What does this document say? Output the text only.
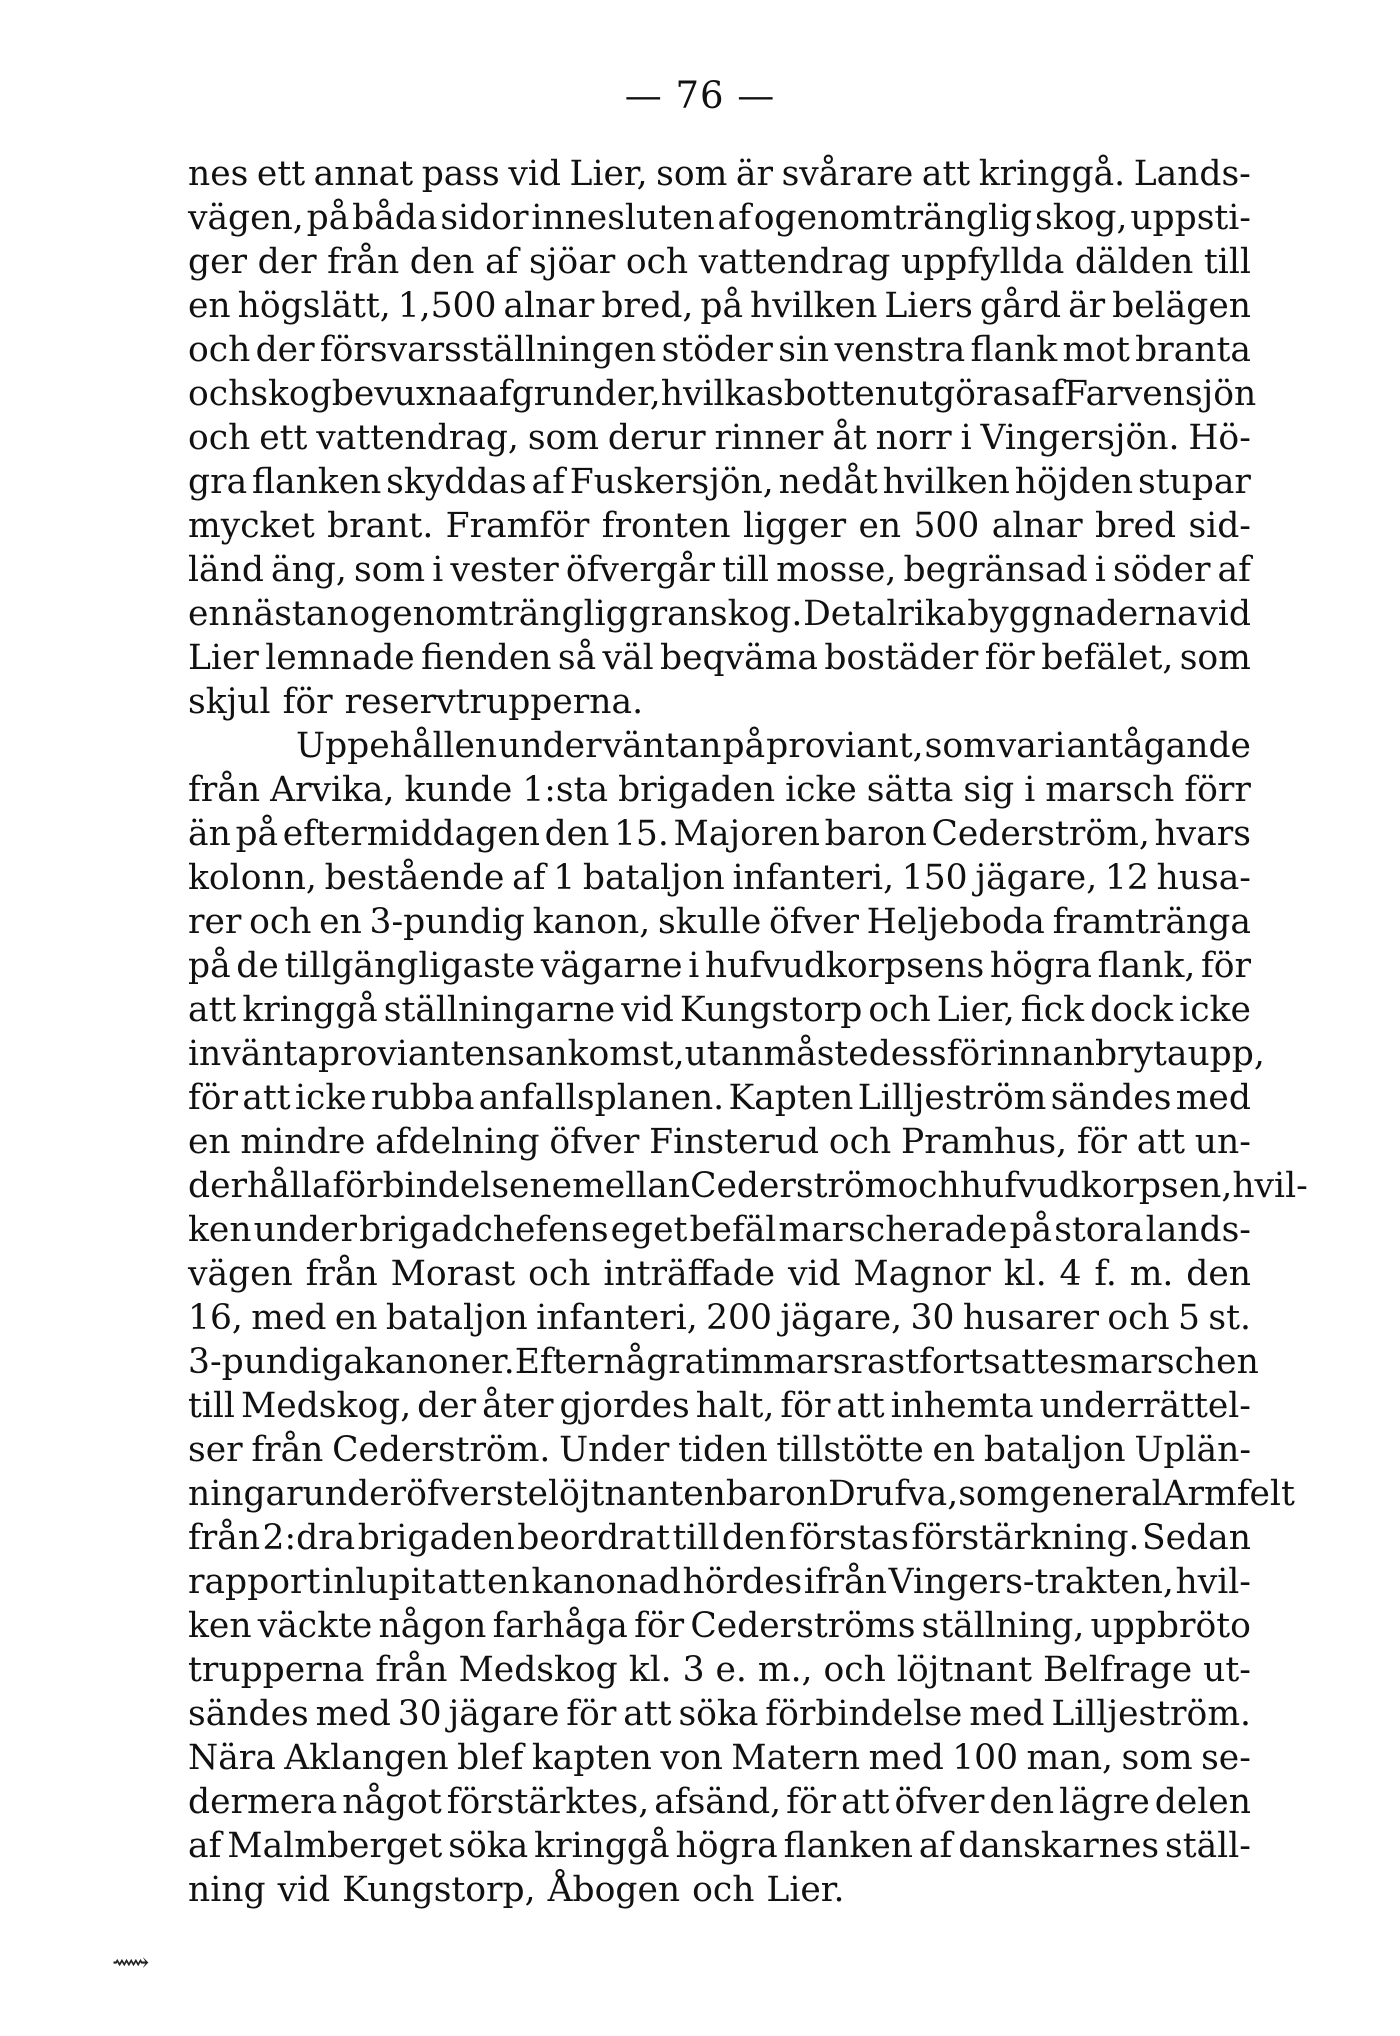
— 76 —
nes ett annat pass vid Lier, som är svårare att kringgå. Lands-
vägen, på båda sidor innesluten af ogenomtränglig skog, uppsti-
ger der från den af sjöar och vattendrag uppfyllda dälden till
en högslätt, 1,500 alnar bred, på hvilken Liers gård är belägen
och der försvarsställningen stöder sin venstra flank mot branta
och skogbevuxna afgrunder, hvilkas botten utgöras af Farvensjön
och ett vattendrag, som derur rinner åt norr i Vingersjön. Hö-
gra flanken skyddas af Fuskersjön, nedåt hvilken höjden stupar
mycket brant. Framför fronten ligger en 500 alnar bred sid-
länd äng, som i vester öfvergår till mosse, begränsad i söder af
en nästan ogenomtränglig granskog. De talrika byggnaderna vid
Lier lemnade fienden så väl beqväma bostäder för befälet, som
skjul för reservtrupperna.
Uppehållen under väntan på proviant, som var i antågande
från Arvika, kunde 1:sta brigaden icke sätta sig i marsch förr
än på eftermiddagen den 15. Majoren baron Cederström, hvars
kolonn, bestående af 1 bataljon infanteri, 150 jägare, 12 husa-
rer och en 3-pundig kanon, skulle öfver Heljeboda framtränga
på de tillgängligaste vägarne i hufvudkorpsens högra flank, för
att kringgå ställningarne vid Kungstorp och Lier, fick dock icke
invänta proviantens ankomst, utan måste dessförinnan bryta upp,
för att icke rubba anfallsplanen. Kapten Lilljeström sändes med
en mindre afdelning öfver Finsterud och Pramhus, för att un-
derhålla förbindelsen emellan Cederström och hufvudkorpsen, hvil-
ken under brigadchefens eget befäl marscherade på stora lands-
vägen från Morast och inträffade vid Magnor kl. 4 f. m. den
16, med en bataljon infanteri, 200 jägare, 30 husarer och 5 st.
3-pundiga kanoner. Efter några timmars rast fortsattes marschen
till Medskog, der åter gjordes halt, för att inhemta underrättel-
ser från Cederström. Under tiden tillstötte en bataljon Uplän-
ningar under öfverstelöjtnanten baron Drufva, som general Armfelt
från 2:dra brigaden beordrat till den förstas förstärkning. Sedan
rapport inlupit att en kanonad hördes ifrån Vingers-trakten, hvil-
ken väckte någon farhåga för Cederströms ställning, uppbröto
trupperna från Medskog kl. 3 e. m., och löjtnant Belfrage ut-
sändes med 30 jägare för att söka förbindelse med Lilljeström.
Nära Aklangen blef kapten von Matern med 100 man, som se-
dermera något förstärktes, afsänd, för att öfver den lägre delen
af Malmberget söka kringgå högra flanken af danskarnes ställ-
ning vid Kungstorp, Åbogen och Lier.
⟿
